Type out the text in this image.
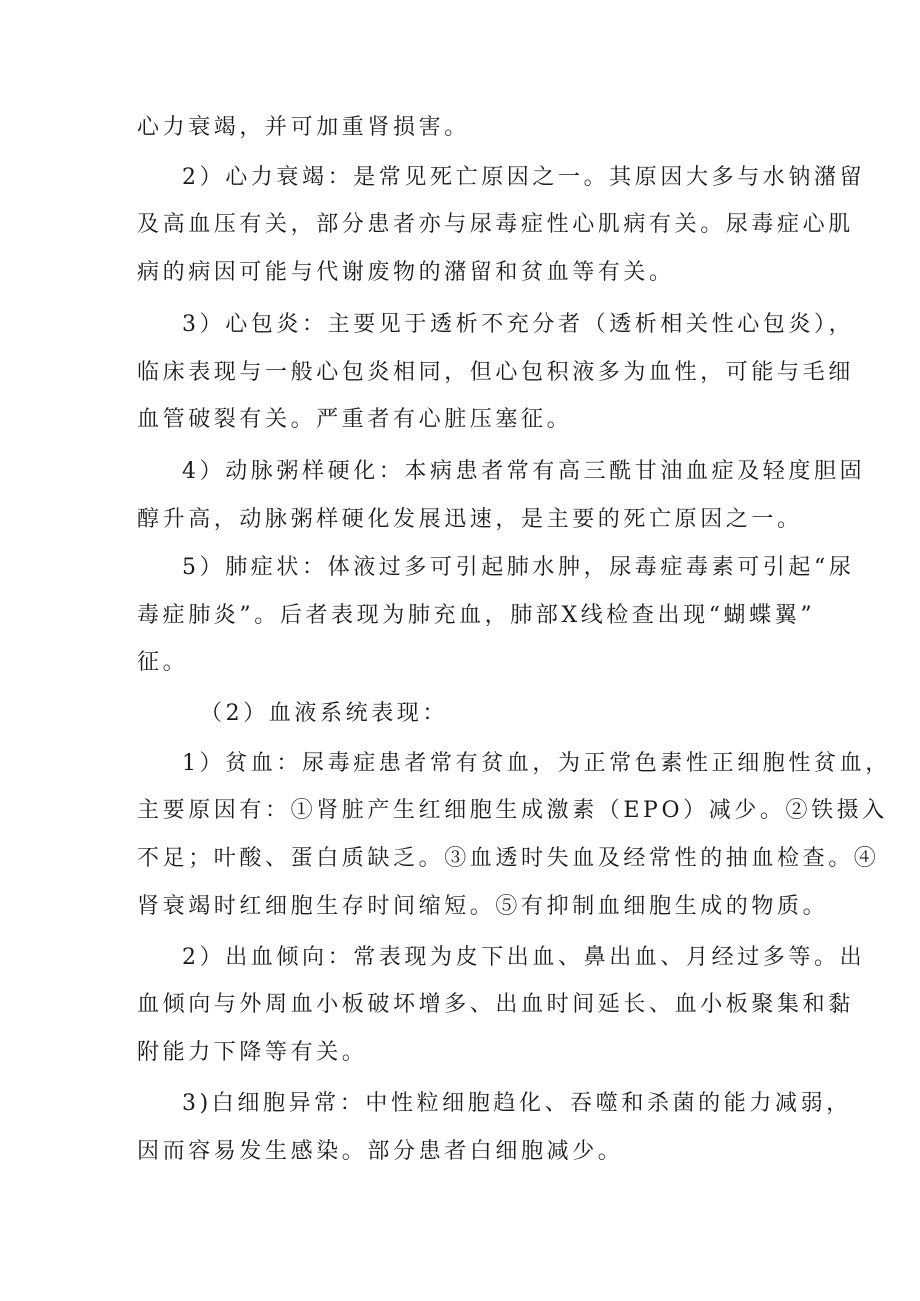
心力衰竭，并可加重肾损害。
2）心力衰竭：是常见死亡原因之一。其原因大多与水钠潴留
及高血压有关，部分患者亦与尿毒症性心肌病有关。尿毒症心肌
病的病因可能与代谢废物的潴留和贫血等有关。
3）心包炎：主要见于透析不充分者（透析相关性心包炎），
临床表现与一般心包炎相同，但心包积液多为血性，可能与毛细
血管破裂有关。严重者有心脏压塞征。
4）动脉粥样硬化：本病患者常有高三酰甘油血症及轻度胆固
醇升高，动脉粥样硬化发展迅速，是主要的死亡原因之一。
5）肺症状：体液过多可引起肺水肿，尿毒症毒素可引起“尿
毒症肺炎”。后者表现为肺充血，肺部X线检查出现“蝴蝶翼”
征。
（2）血液系统表现：
1）贫血：尿毒症患者常有贫血，为正常色素性正细胞性贫血，
主要原因有：①肾脏产生红细胞生成激素（EPO）减少。②铁摄入
不足；叶酸、蛋白质缺乏。③血透时失血及经常性的抽血检查。④
肾衰竭时红细胞生存时间缩短。⑤有抑制血细胞生成的物质。
2）出血倾向：常表现为皮下出血、鼻出血、月经过多等。出
血倾向与外周血小板破坏增多、出血时间延长、血小板聚集和黏
附能力下降等有关。
3)白细胞异常：中性粒细胞趋化、吞噬和杀菌的能力减弱，
因而容易发生感染。部分患者白细胞减少。
